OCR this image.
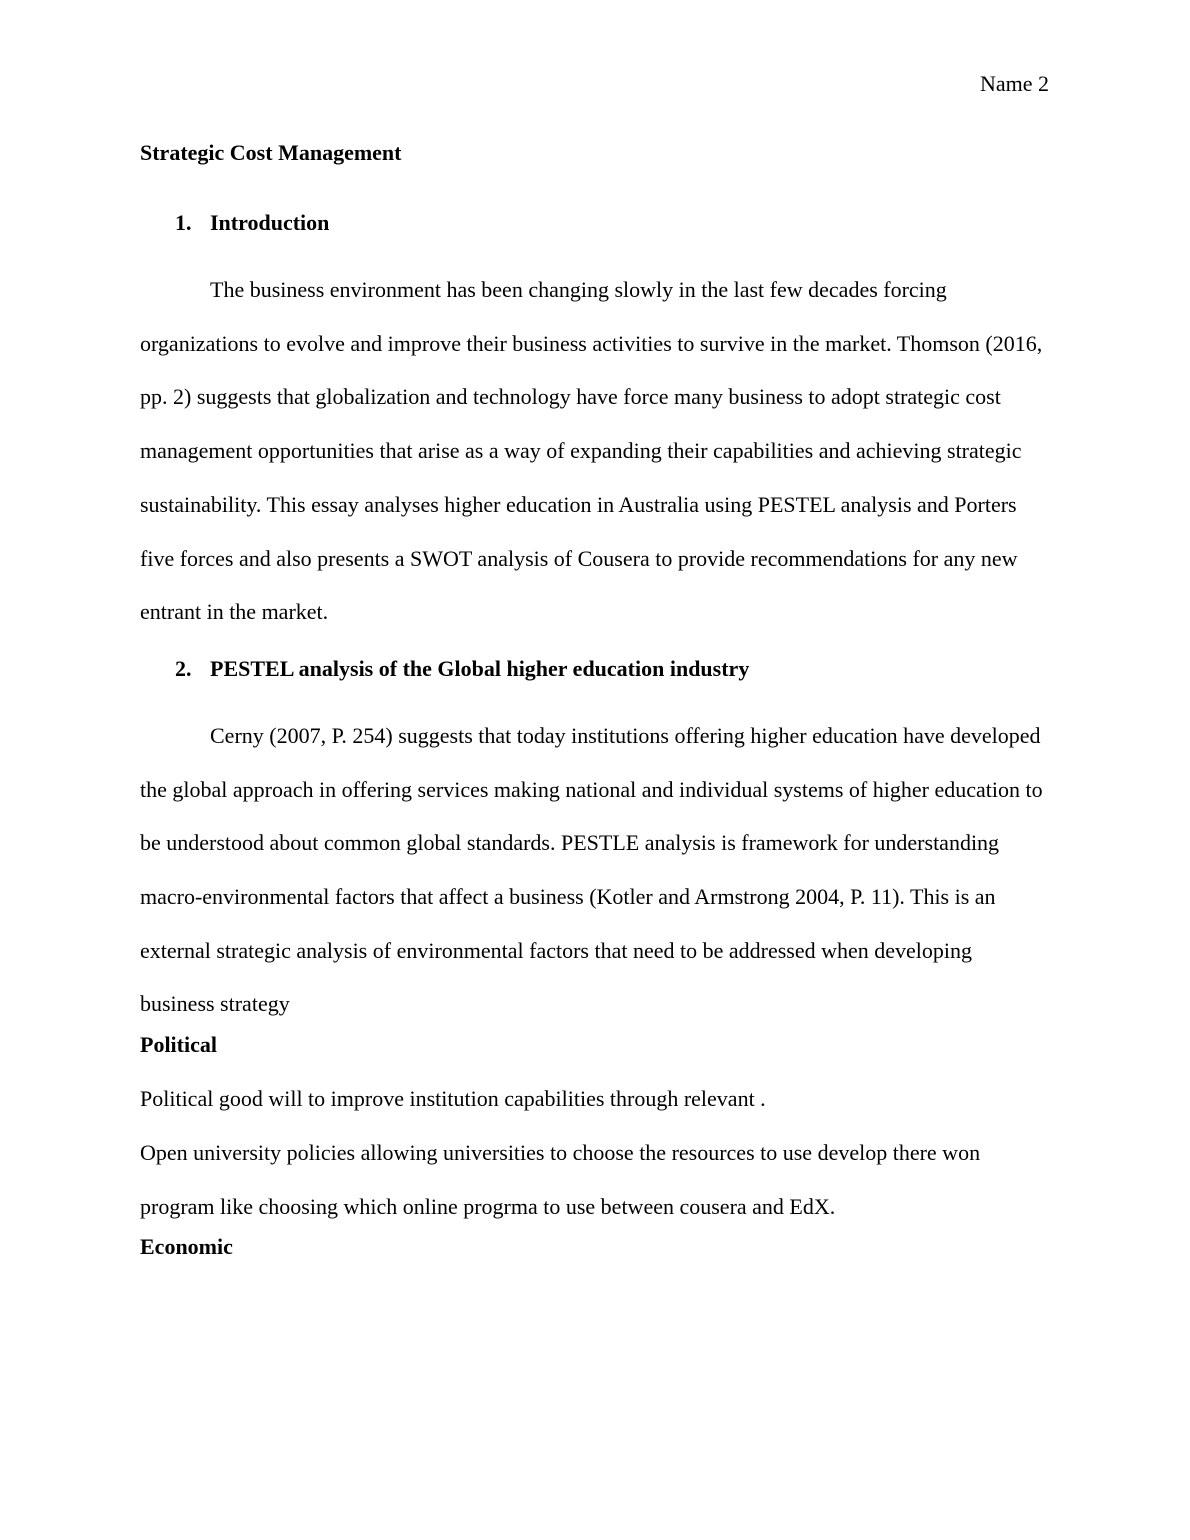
Name 2

Strategic Cost Management

1. Introduction

The business environment has been changing slowly in the last few decades forcing organizations to evolve and improve their business activities to survive in the market. Thomson (2016, pp. 2) suggests that globalization and technology have force many business to adopt strategic cost management opportunities that arise as a way of expanding their capabilities and achieving strategic sustainability. This essay analyses higher education in Australia using PESTEL analysis and Porters five forces and also presents a SWOT analysis of Cousera to provide recommendations for any new entrant in the market.

2. PESTEL analysis of the Global higher education industry

Cerny (2007, P. 254) suggests that today institutions offering higher education have developed the global approach in offering services making national and individual systems of higher education to be understood about common global standards. PESTLE analysis is framework for understanding macro-environmental factors that affect a business (Kotler and Armstrong 2004, P. 11). This is an external strategic analysis of environmental factors that need to be addressed when developing business strategy

Political

Political good will to improve institution capabilities through relevant .

Open university policies allowing universities to choose the resources to use develop there won program like choosing which online progrma to use between cousera and EdX.

Economic
